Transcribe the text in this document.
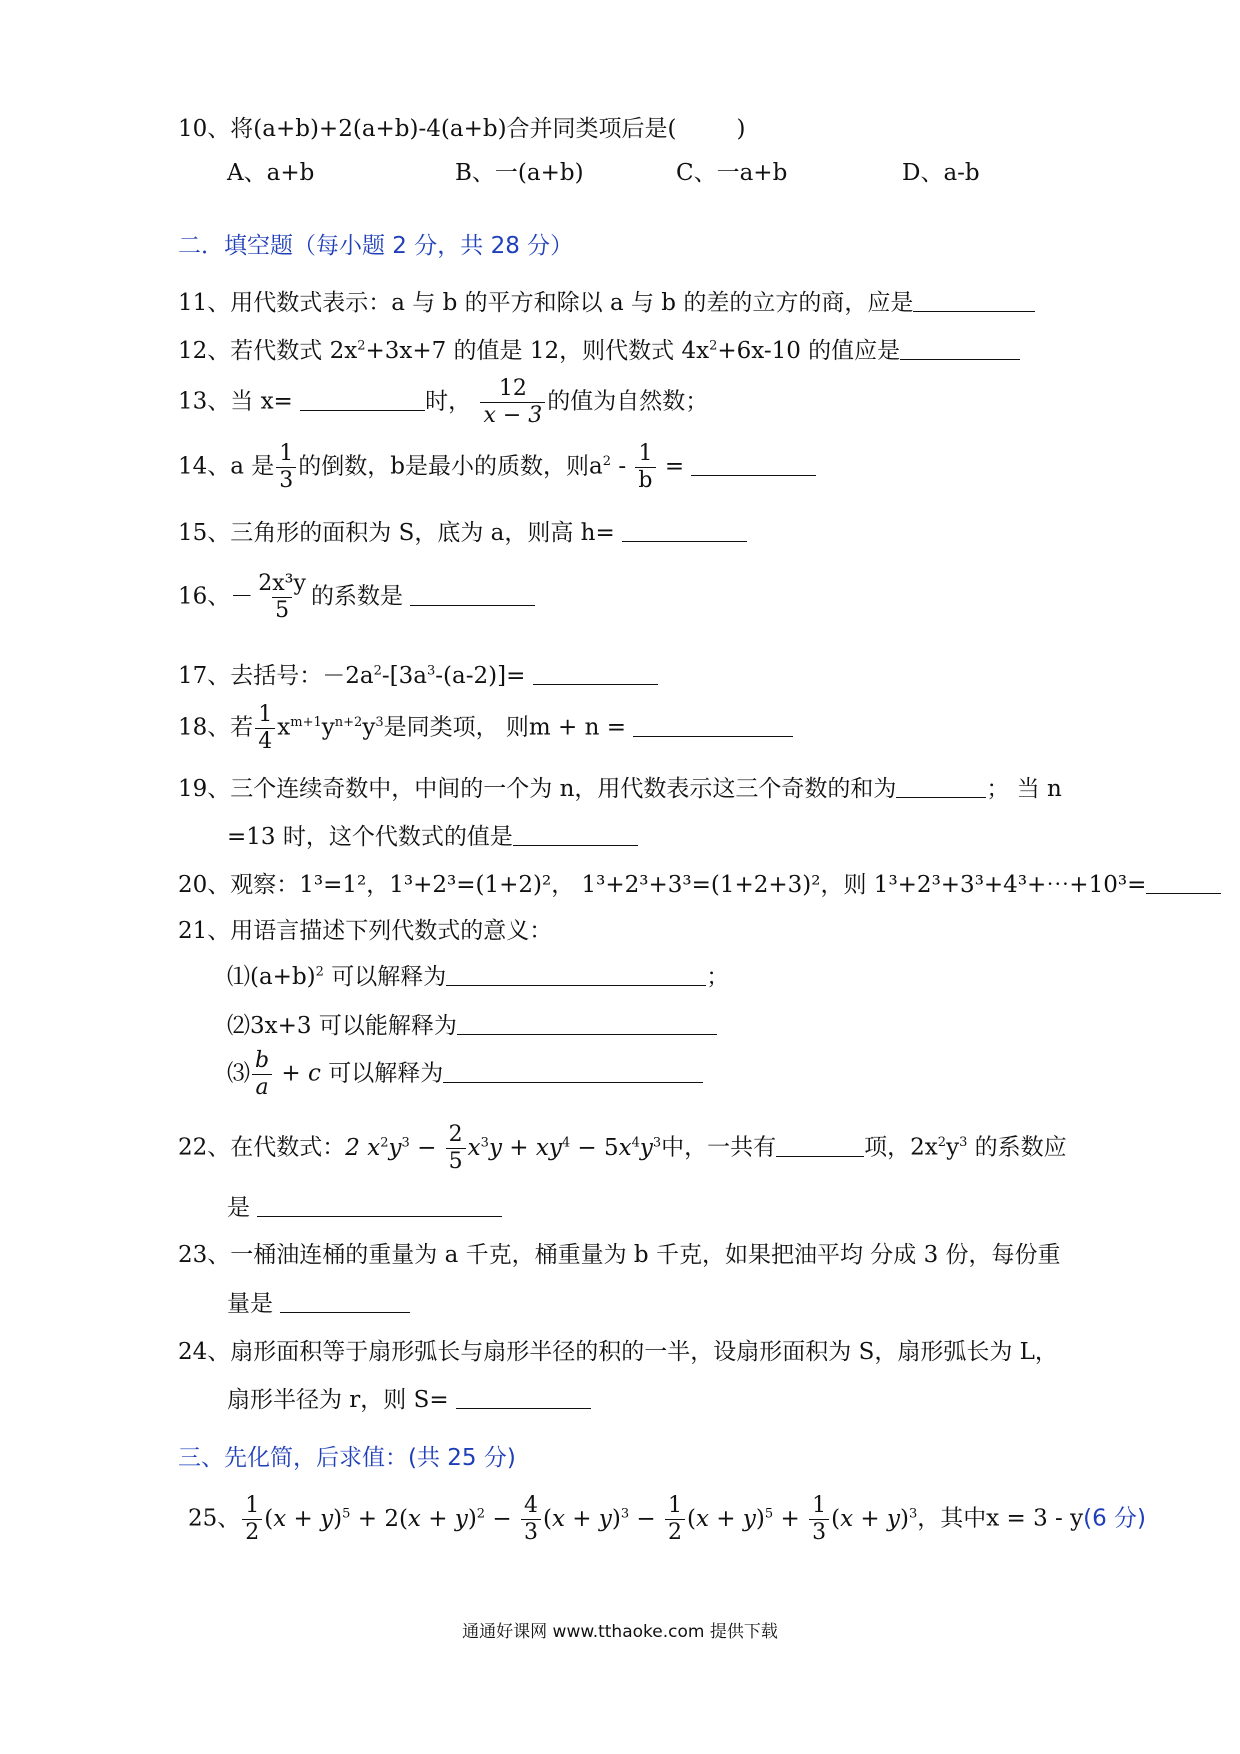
10、将(a+b)+2(a+b)-4(a+b)合并同类项后是(	)
A、a+b	B、一(a+b)	C、一a+b	D、a-b
二．填空题（每小题 2 分，共 28 分）
11、用代数式表示：a 与 b 的平方和除以 a 与 b 的差的立方的商，应是
12、若代数式 $2x^2+3x+7$ 的值是 12，则代数式 $4x^2+6x-10$ 的值应是
13、当 x=	时， $\frac{12}{x - 3}$ 的值为自然数；
14、a 是 $\frac{1}{3}$ 的倒数，b是最小的质数，则$a^2 - \frac{1}{b}$ =
15、三角形的面积为 S，底为 a，则高 h=
16、－ $\frac{\text{2x³y}}{5}$ 的系数是
17、去括号：$-2a^2-[3a^3-(a-2)]=$
18、若 $\frac{1}{4} x^{m+1}y^{n+2}y^3$是同类项， 则m + n =
19、三个连续奇数中，中间的一个为 n，用代数表示这三个奇数的和为	； 当 n
=13 时，这个代数式的值是
20、观察：1³=1²，1³+2³=(1+2)²， 1³+2³+3³=(1+2+3)²，则 1³+2³+3³+4³+⋯+10³=
21、用语言描述下列代数式的意义：
$⑴(a+b)^2$ 可以解释为	；
⑵3x+3 可以能解释为
⑶ $\frac{b}{a} + c$ 可以解释为
22、在代数式：2 $x^2y^3 - \frac{2}{5} x^3y + xy^4 - 5x^4y^3$中，一共有	项，$2x^2y^3$ 的系数应
是
23、一桶油连桶的重量为 a 千克，桶重量为 b 千克，如果把油平均 分成 3 份，每份重
量是
24、扇形面积等于扇形弧长与扇形半径的积的一半，设扇形面积为 S，扇形弧长为 L，
扇形半径为 r，则 S=
三、先化简，后求值：(共 25 分)
25、 $\frac{1}{2} (x + y)^5 + 2(x + y)^2 - \frac{4}{3} (x + y)^3 - \frac{1}{2} (x + y)^5 + \frac{1}{3} (x + y)^3$，其中x = 3 - y(6 分)
通通好课网 www.tthaoke.com 提供下载
